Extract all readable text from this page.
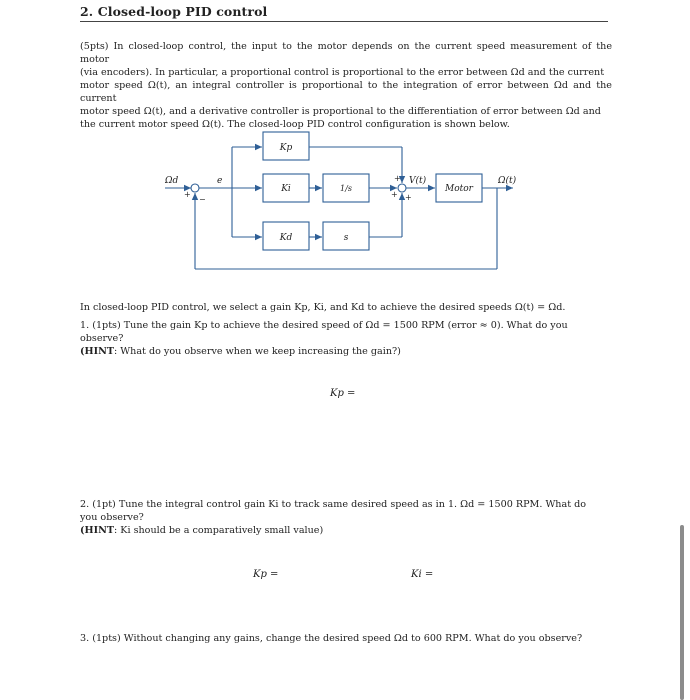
2. Closed-loop PID control
(5pts) In closed-loop control, the input to the motor depends on the current speed measurement of the motor
(via encoders). In particular, a proportional control is proportional to the error between Ωd and the current
motor speed Ω(t), an integral controller is proportional to the integration of error between Ωd and the current
motor speed Ω(t), and a derivative controller is proportional to the differentiation of error between Ωd and
the current motor speed Ω(t). The closed-loop PID control configuration is shown below.
Ωd	e
Kp
Ki
Kd
1/s
s
V(t)
Motor
Ω(t)
+
−
+
+ +
In closed-loop PID control, we select a gain Kp, Ki, and Kd to achieve the desired speeds Ω(t) = Ωd.
1. (1pts) Tune the gain Kp to achieve the desired speed of Ωd = 1500 RPM (error ≈ 0). What do you
observe?
(HINT: What do you observe when we keep increasing the gain?)
Kp =
2. (1pt) Tune the integral control gain Ki to track same desired speed as in 1. Ωd = 1500 RPM. What do
you observe?
(HINT: Ki should be a comparatively small value)
Kp =	Ki =
3. (1pts) Without changing any gains, change the desired speed Ωd to 600 RPM. What do you observe?
